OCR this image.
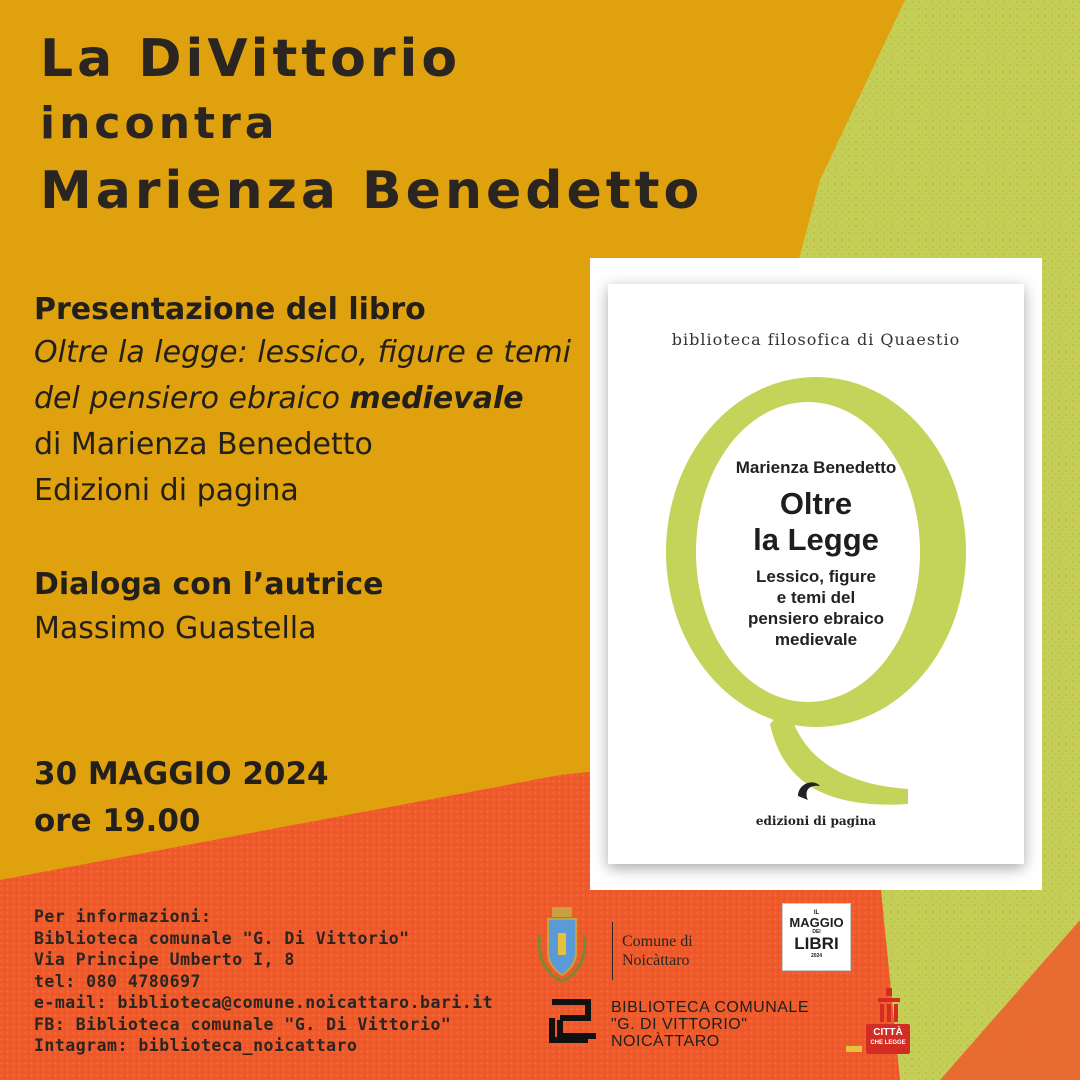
La DiVittorio
incontra
Marienza Benedetto
Presentazione del libro
Oltre la legge: lessico, figure e temi
del pensiero ebraico medievale
di Marienza Benedetto
Edizioni di pagina
Dialoga con l’autrice
Massimo Guastella
30 MAGGIO 2024
ore 19.00
biblioteca filosofica di Quaestio
Marienza Benedetto
Oltre
la Legge
Lessico, figure
e temi del
pensiero ebraico
medievale
edizioni di pagina
Per informazioni:
Biblioteca comunale "G. Di Vittorio"
Via Principe Umberto I, 8
tel: 080 4780697
e-mail: biblioteca@comune.noicattaro.bari.it
FB: Biblioteca comunale "G. Di Vittorio"
Intagram: biblioteca_noicattaro
Comune di
Noicàttaro
BIBLIOTECA COMUNALE
"G. DI VITTORIO"
NOICÀTTARO
IL
MAGGIO
DEI
LIBRI
2024
CITTÀ
CHE LEGGE
